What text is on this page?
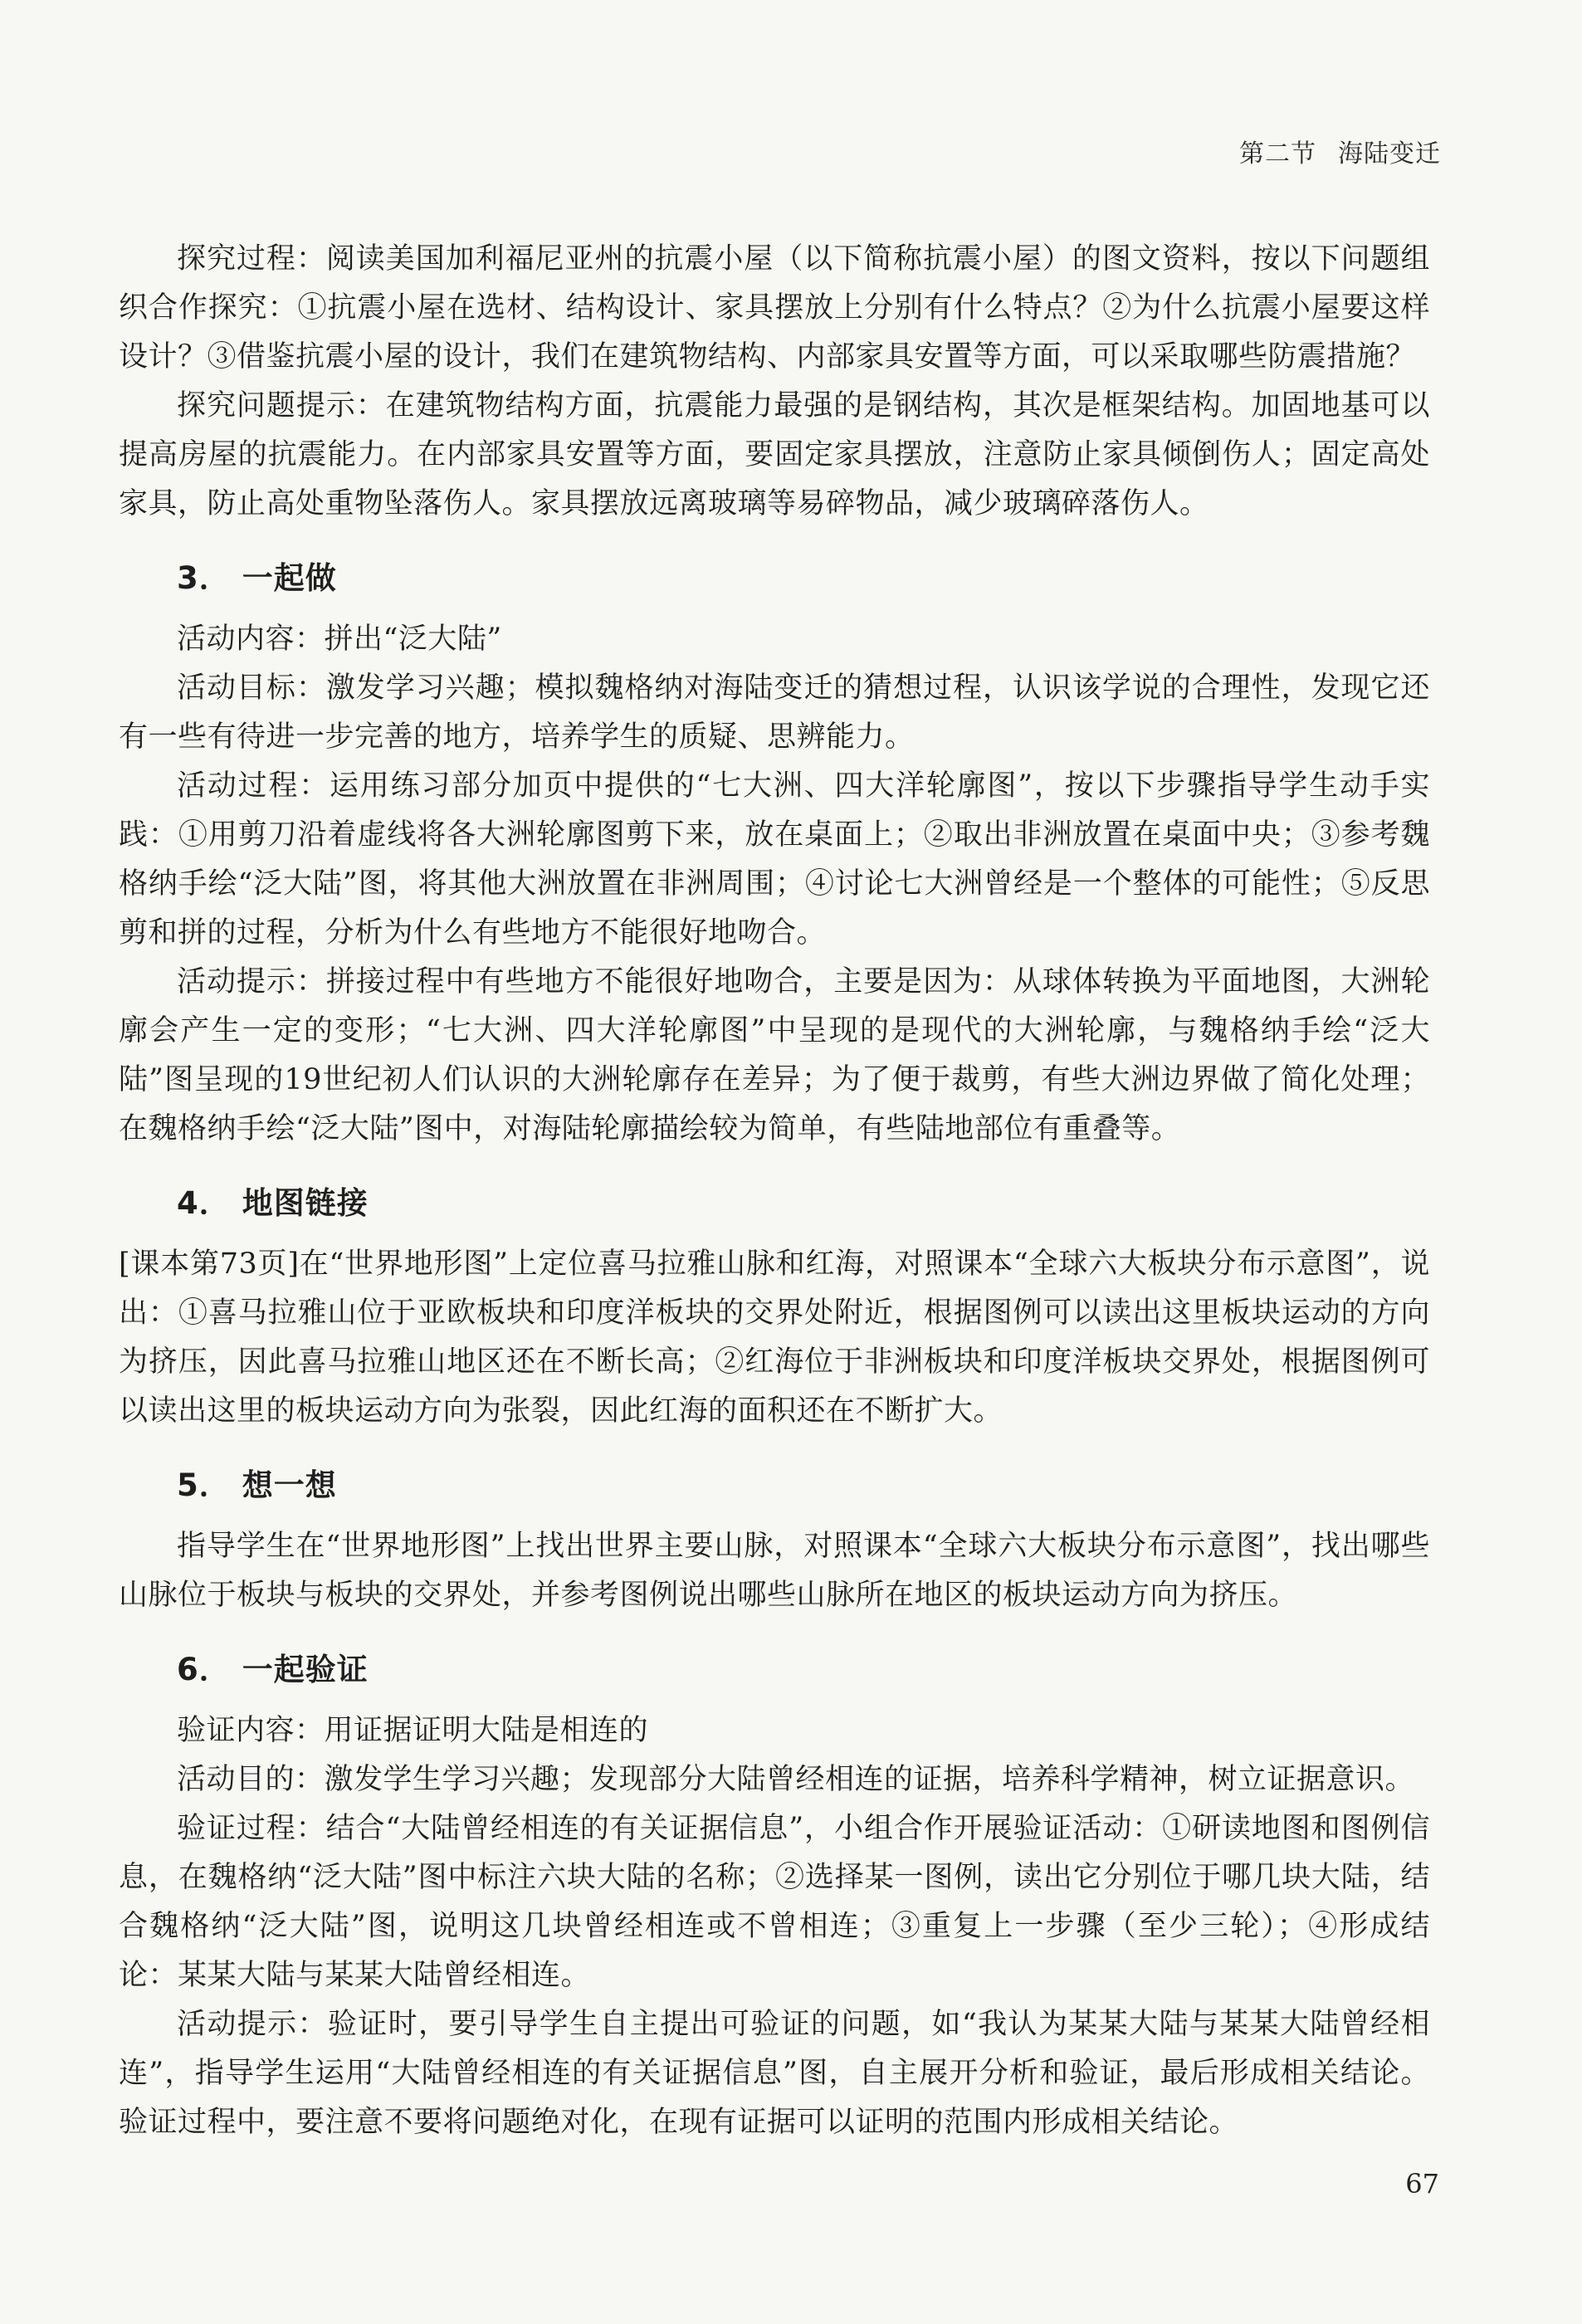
第二节 海陆变迁

探究过程：阅读美国加利福尼亚州的抗震小屋（以下简称抗震小屋）的图文资料，按以下问题组织合作探究：①抗震小屋在选材、结构设计、家具摆放上分别有什么特点？②为什么抗震小屋要这样设计？③借鉴抗震小屋的设计，我们在建筑物结构、内部家具安置等方面，可以采取哪些防震措施？

探究问题提示：在建筑物结构方面，抗震能力最强的是钢结构，其次是框架结构。加固地基可以提高房屋的抗震能力。在内部家具安置等方面，要固定家具摆放，注意防止家具倾倒伤人；固定高处家具，防止高处重物坠落伤人。家具摆放远离玻璃等易碎物品，减少玻璃碎落伤人。

3． 一起做

活动内容：拼出“泛大陆”

活动目标：激发学习兴趣；模拟魏格纳对海陆变迁的猜想过程，认识该学说的合理性，发现它还有一些有待进一步完善的地方，培养学生的质疑、思辨能力。

活动过程：运用练习部分加页中提供的“七大洲、四大洋轮廓图”，按以下步骤指导学生动手实践：①用剪刀沿着虚线将各大洲轮廓图剪下来，放在桌面上；②取出非洲放置在桌面中央；③参考魏格纳手绘“泛大陆”图，将其他大洲放置在非洲周围；④讨论七大洲曾经是一个整体的可能性；⑤反思剪和拼的过程，分析为什么有些地方不能很好地吻合。

活动提示：拼接过程中有些地方不能很好地吻合，主要是因为：从球体转换为平面地图，大洲轮廓会产生一定的变形；“七大洲、四大洋轮廓图”中呈现的是现代的大洲轮廓，与魏格纳手绘“泛大陆”图呈现的19世纪初人们认识的大洲轮廓存在差异；为了便于裁剪，有些大洲边界做了简化处理；在魏格纳手绘“泛大陆”图中，对海陆轮廓描绘较为简单，有些陆地部位有重叠等。

4． 地图链接

[课本第73页]在“世界地形图”上定位喜马拉雅山脉和红海，对照课本“全球六大板块分布示意图”，说出：①喜马拉雅山位于亚欧板块和印度洋板块的交界处附近，根据图例可以读出这里板块运动的方向为挤压，因此喜马拉雅山地区还在不断长高；②红海位于非洲板块和印度洋板块交界处，根据图例可以读出这里的板块运动方向为张裂，因此红海的面积还在不断扩大。

5． 想一想

指导学生在“世界地形图”上找出世界主要山脉，对照课本“全球六大板块分布示意图”，找出哪些山脉位于板块与板块的交界处，并参考图例说出哪些山脉所在地区的板块运动方向为挤压。

6． 一起验证

验证内容：用证据证明大陆是相连的

活动目的：激发学生学习兴趣；发现部分大陆曾经相连的证据，培养科学精神，树立证据意识。

验证过程：结合“大陆曾经相连的有关证据信息”，小组合作开展验证活动：①研读地图和图例信息，在魏格纳“泛大陆”图中标注六块大陆的名称；②选择某一图例，读出它分别位于哪几块大陆，结合魏格纳“泛大陆”图，说明这几块曾经相连或不曾相连；③重复上一步骤（至少三轮）；④形成结论：某某大陆与某某大陆曾经相连。

活动提示：验证时，要引导学生自主提出可验证的问题，如“我认为某某大陆与某某大陆曾经相连”，指导学生运用“大陆曾经相连的有关证据信息”图，自主展开分析和验证，最后形成相关结论。验证过程中，要注意不要将问题绝对化，在现有证据可以证明的范围内形成相关结论。

67
